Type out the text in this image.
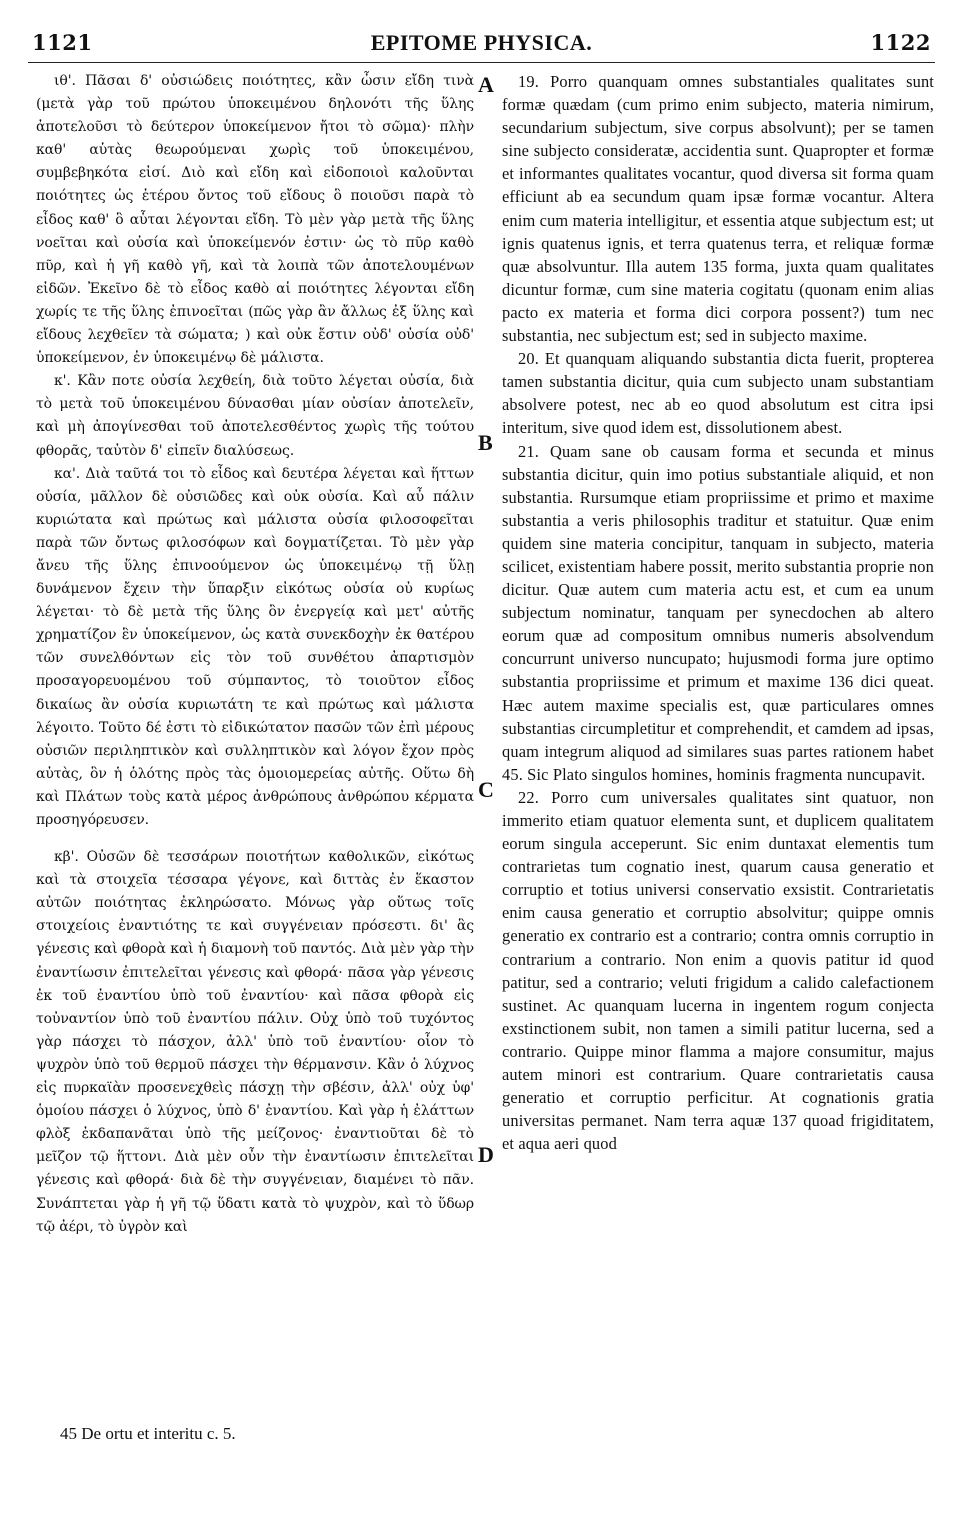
1121	EPITOME PHYSICA.	1122

ιθ'. Πᾶσαι δ' οὐσιώδεις ποιότητες, κἂν ὦσιν εἴδη τινὰ (μετὰ γὰρ τοῦ πρώτου ὑποκειμένου δηλονότι τῆς ὕλης ἀποτελοῦσι τὸ δεύτερον ὑποκείμενον ἤτοι τὸ σῶμα)· πλὴν καθ' αὑτὰς θεωρούμεναι χωρὶς τοῦ ὑποκειμένου, συμβεβηκότα εἰσί. Διὸ καὶ εἴδη καὶ εἰδοποιοὶ καλοῦνται ποιότητες ὡς ἑτέρου ὄντος τοῦ εἴδους ὃ ποιοῦσι παρὰ τὸ εἶδος καθ' ὃ αὗται λέγονται εἴδη. Τὸ μὲν γὰρ μετὰ τῆς ὕλης νοεῖται καὶ οὐσία καὶ ὑποκείμενόν ἐστιν· ὡς τὸ πῦρ καθὸ πῦρ, καὶ ἡ γῆ καθὸ γῆ, καὶ τὰ λοιπὰ τῶν ἀποτελουμένων εἰδῶν. Ἐκεῖνο δὲ τὸ εἶδος καθὸ αἱ ποιότητες λέγονται εἴδη χωρίς τε τῆς ὕλης ἐπινοεῖται (πῶς γὰρ ἂν ἄλλως ἐξ ὕλης καὶ εἴδους λεχθεῖεν τὰ σώματα; ) καὶ οὐκ ἔστιν οὐδ' οὐσία οὐδ' ὑποκείμενον, ἐν ὑποκειμένῳ δὲ μάλιστα.

κ'. Κἂν ποτε οὐσία λεχθείη, διὰ τοῦτο λέγεται οὐσία, διὰ τὸ μετὰ τοῦ ὑποκειμένου δύνασθαι μίαν οὐσίαν ἀποτελεῖν, καὶ μὴ ἀπογίνεσθαι τοῦ ἀποτελεσθέντος χωρὶς τῆς τούτου φθορᾶς, ταὐτὸν δ' εἰπεῖν διαλύσεως.

κα'. Διὰ ταῦτά τοι τὸ εἶδος καὶ δευτέρα λέγεται καὶ ἥττων οὐσία, μᾶλλον δὲ οὐσιῶδες καὶ οὐκ οὐσία. Καὶ αὖ πάλιν κυριώτατα καὶ πρώτως καὶ μάλιστα οὐσία φιλοσοφεῖται παρὰ τῶν ὄντως φιλοσόφων καὶ δογματίζεται. Τὸ μὲν γὰρ ἄνευ τῆς ὕλης ἐπινοούμενον ὡς ὑποκειμένῳ τῇ ὕλῃ δυνάμενον ἔχειν τὴν ὕπαρξιν εἰκότως οὐσία οὐ κυρίως λέγεται· τὸ δὲ μετὰ τῆς ὕλης ὂν ἐνεργείᾳ καὶ μετ' αὐτῆς χρηματίζον ἓν ὑποκείμενον, ὡς κατὰ συνεκδοχὴν ἐκ θατέρου τῶν συνελθόντων εἰς τὸν τοῦ συνθέτου ἀπαρτισμὸν προσαγορευομένου τοῦ σύμπαντος, τὸ τοιοῦτον εἶδος δικαίως ἂν οὐσία κυριωτάτη τε καὶ πρώτως καὶ μάλιστα λέγοιτο. Τοῦτο δέ ἐστι τὸ εἰδικώτατον πασῶν τῶν ἐπὶ μέρους οὐσιῶν περιληπτικὸν καὶ συλληπτικὸν καὶ λόγον ἔχον πρὸς αὐτὰς, ὃν ἡ ὁλότης πρὸς τὰς ὁμοιομερείας αὐτῆς. Οὕτω δὴ καὶ Πλάτων τοὺς κατὰ μέρος ἀνθρώπους ἀνθρώπου κέρματα προσηγόρευσεν.

κβ'. Οὐσῶν δὲ τεσσάρων ποιοτήτων καθολικῶν, εἰκότως καὶ τὰ στοιχεῖα τέσσαρα γέγονε, καὶ διττὰς ἐν ἕκαστον αὐτῶν ποιότητας ἐκληρώσατο. Μόνως γὰρ οὕτως τοῖς στοιχείοις ἐναντιότης τε καὶ συγγένειαν πρόσεστι. δι' ἃς γένεσις καὶ φθορὰ καὶ ἡ διαμονὴ τοῦ παντός. Διὰ μὲν γὰρ τὴν ἐναντίωσιν ἐπιτελεῖται γένεσις καὶ φθορά· πᾶσα γὰρ γένεσις ἐκ τοῦ ἐναντίου ὑπὸ τοῦ ἐναντίου· καὶ πᾶσα φθορὰ εἰς τοὐναντίον ὑπὸ τοῦ ἐναντίου πάλιν. Οὐχ ὑπὸ τοῦ τυχόντος γὰρ πάσχει τὸ πάσχον, ἀλλ' ὑπὸ τοῦ ἐναντίου· οἷον τὸ ψυχρὸν ὑπὸ τοῦ θερμοῦ πάσχει τὴν θέρμανσιν. Κἂν ὁ λύχνος εἰς πυρκαϊὰν προσενεχθεὶς πάσχῃ τὴν σβέσιν, ἀλλ' οὐχ ὑφ' ὁμοίου πάσχει ὁ λύχνος, ὑπὸ δ' ἐναντίου. Καὶ γὰρ ἡ ἐλάττων φλὸξ ἐκδαπανᾶται ὑπὸ τῆς μείζονος· ἐναντιοῦται δὲ τὸ μεῖζον τῷ ἥττονι. Διὰ μὲν οὖν τὴν ἐναντίωσιν ἐπιτελεῖται γένεσις καὶ φθορά· διὰ δὲ τὴν συγγένειαν, διαμένει τὸ πᾶν. Συνάπτεται γὰρ ἡ γῆ τῷ ὕδατι κατὰ τὸ ψυχρὸν, καὶ τὸ ὕδωρ τῷ ἀέρι, τὸ ὑγρὸν καὶ

A
B
C
D

19. Porro quanquam omnes substantiales qualitates sunt formæ quædam (cum primo enim subjecto, materia nimirum, secundarium subjectum, sive corpus absolvunt); per se tamen sine subjecto consideratæ, accidentia sunt. Quapropter et formæ et informantes qualitates vocantur, quod diversa sit forma quam efficiunt ab ea secundum quam ipsæ formæ vocantur. Altera enim cum materia intelligitur, et essentia atque subjectum est; ut ignis quatenus ignis, et terra quatenus terra, et reliquæ formæ quæ absolvuntur. Illa autem 135 forma, juxta quam qualitates dicuntur formæ, cum sine materia cogitatu (quonam enim alias pacto ex materia et forma dici corpora possent?) tum nec substantia, nec subjectum est; sed in subjecto maxime.

20. Et quanquam aliquando substantia dicta fuerit, propterea tamen substantia dicitur, quia cum subjecto unam substantiam absolvere potest, nec ab eo quod absolutum est citra ipsi interitum, sive quod idem est, dissolutionem abest.

21. Quam sane ob causam forma et secunda et minus substantia dicitur, quin imo potius substantiale aliquid, et non substantia. Rursumque etiam propriissime et primo et maxime substantia a veris philosophis traditur et statuitur. Quæ enim quidem sine materia concipitur, tanquam in subjecto, materia scilicet, existentiam habere possit, merito substantia proprie non dicitur. Quæ autem cum materia actu est, et cum ea unum subjectum nominatur, tanquam per synecdochen ab altero eorum quæ ad compositum omnibus numeris absolvendum concurrunt universo nuncupato; hujusmodi forma jure optimo substantia propriissime et primum et maxime 136 dici queat. Hæc autem maxime specialis est, quæ particulares omnes substantias circumpletitur et comprehendit, et camdem ad ipsas, quam integrum aliquod ad similares suas partes rationem habet 45. Sic Plato singulos homines, hominis fragmenta nuncupavit.

22. Porro cum universales qualitates sint quatuor, non immerito etiam quatuor elementa sunt, et duplicem qualitatem eorum singula acceperunt. Sic enim duntaxat elementis tum contrarietas tum cognatio inest, quarum causa generatio et corruptio et totius universi conservatio exsistit. Contrarietatis enim causa generatio et corruptio absolvitur; quippe omnis generatio ex contrario est a contrario; contra omnis corruptio in contrarium a contrario. Non enim a quovis patitur id quod patitur, sed a contrario; veluti frigidum a calido calefactionem sustinet. Ac quanquam lucerna in ingentem rogum conjecta exstinctionem subit, non tamen a simili patitur lucerna, sed a contrario. Quippe minor flamma a majore consumitur, majus autem minori est contrarium. Quare contrarietatis causa generatio et corruptio perficitur. At cognationis gratia universitas permanet. Nam terra aquæ 137 quoad frigiditatem, et aqua aeri quod

45 De ortu et interitu c. 5.
